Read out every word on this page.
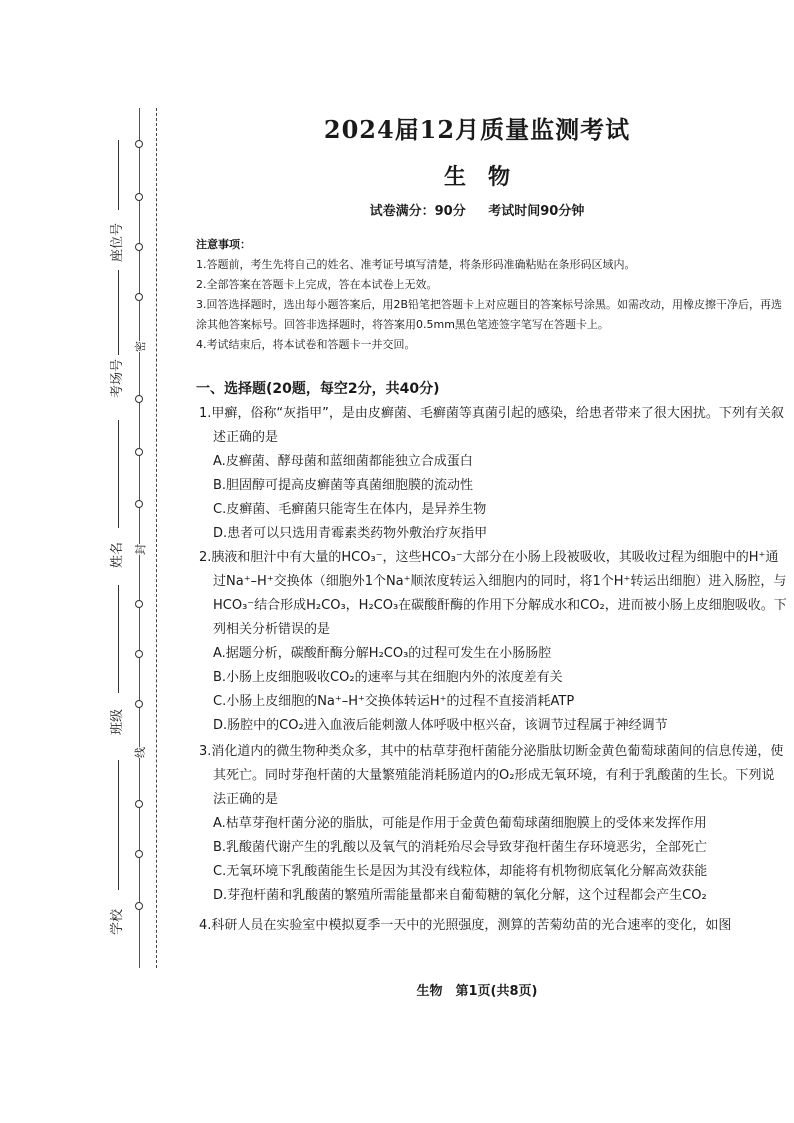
座位号
考场号
姓名
班级
学校
密
封
线
2024届12月质量监测考试
生物
试卷满分：90分 考试时间90分钟
注意事项：
1.答题前，考生先将自己的姓名、准考证号填写清楚，将条形码准确粘贴在条形码区域内。
2.全部答案在答题卡上完成，答在本试卷上无效。
3.回答选择题时，选出每小题答案后，用2B铅笔把答题卡上对应题目的答案标号涂黑。如需改动，用橡皮擦干净后，再选涂其他答案标号。回答非选择题时，将答案用0.5mm黑色笔迹签字笔写在答题卡上。
4.考试结束后，将本试卷和答题卡一并交回。
一、选择题(20题，每空2分，共40分)

1.甲癣，俗称“灰指甲”，是由皮癣菌、毛癣菌等真菌引起的感染，给患者带来了很大困扰。下列有关叙述正确的是

A.皮癣菌、酵母菌和蓝细菌都能独立合成蛋白

B.胆固醇可提高皮癣菌等真菌细胞膜的流动性

C.皮癣菌、毛癣菌只能寄生在体内，是异养生物

D.患者可以只选用青霉素类药物外敷治疗灰指甲

2.胰液和胆汁中有大量的HCO₃⁻，这些HCO₃⁻大部分在小肠上段被吸收，其吸收过程为细胞中的H⁺通过Na⁺–H⁺交换体（细胞外1个Na⁺顺浓度转运入细胞内的同时，将1个H⁺转运出细胞）进入肠腔，与HCO₃⁻结合形成H₂CO₃，H₂CO₃在碳酸酐酶的作用下分解成水和CO₂，进而被小肠上皮细胞吸收。下列相关分析错误的是

A.据题分析，碳酸酐酶分解H₂CO₃的过程可发生在小肠肠腔

B.小肠上皮细胞吸收CO₂的速率与其在细胞内外的浓度差有关

C.小肠上皮细胞的Na⁺–H⁺交换体转运H⁺的过程不直接消耗ATP

D.肠腔中的CO₂进入血液后能刺激人体呼吸中枢兴奋，该调节过程属于神经调节

3.消化道内的微生物种类众多，其中的枯草芽孢杆菌能分泌脂肽切断金黄色葡萄球菌间的信息传递，使其死亡。同时芽孢杆菌的大量繁殖能消耗肠道内的O₂形成无氧环境，有利于乳酸菌的生长。下列说法正确的是

A.枯草芽孢杆菌分泌的脂肽，可能是作用于金黄色葡萄球菌细胞膜上的受体来发挥作用

B.乳酸菌代谢产生的乳酸以及氧气的消耗殆尽会导致芽孢杆菌生存环境恶劣，全部死亡

C.无氧环境下乳酸菌能生长是因为其没有线粒体，却能将有机物彻底氧化分解高效获能

D.芽孢杆菌和乳酸菌的繁殖所需能量都来自葡萄糖的氧化分解，这个过程都会产生CO₂

4.科研人员在实验室中模拟夏季一天中的光照强度，测算的苦菊幼苗的光合速率的变化，如图

生物　第1页(共8页)
